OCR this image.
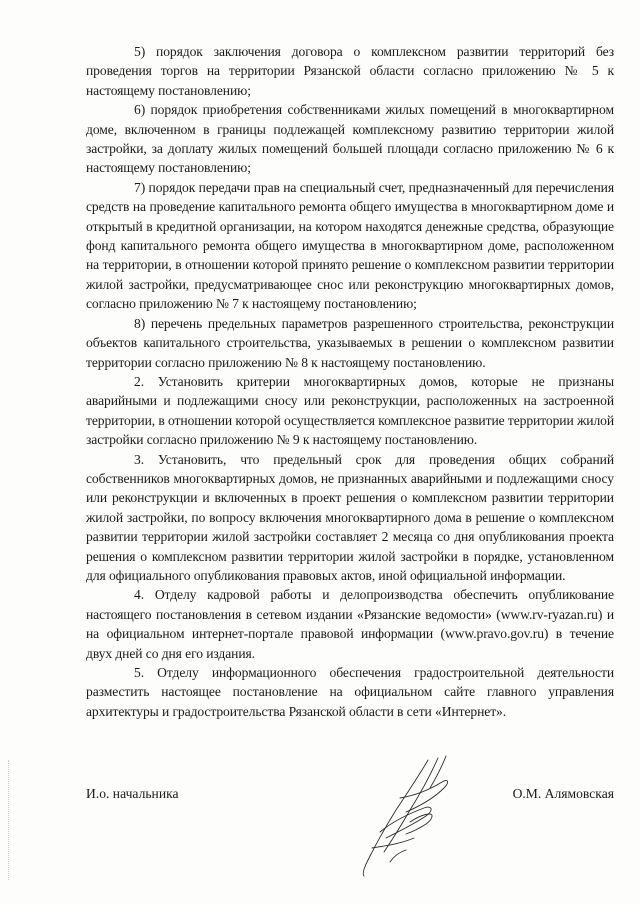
5) порядок заключения договора о комплексном развитии территорий без проведения торгов на территории Рязанской области согласно приложению № 5 к настоящему постановлению;

6) порядок приобретения собственниками жилых помещений в многоквартирном доме, включенном в границы подлежащей комплексному развитию территории жилой застройки, за доплату жилых помещений большей площади согласно приложению № 6 к настоящему постановлению;

7) порядок передачи прав на специальный счет, предназначенный для перечисления средств на проведение капитального ремонта общего имущества в многоквартирном доме и открытый в кредитной организации, на котором находятся денежные средства, образующие фонд капитального ремонта общего имущества в многоквартирном доме, расположенном на территории, в отношении которой принято решение о комплексном развитии территории жилой застройки, предусматривающее снос или реконструкцию многоквартирных домов, согласно приложению № 7 к настоящему постановлению;

8) перечень предельных параметров разрешенного строительства, реконструкции объектов капитального строительства, указываемых в решении о комплексном развитии территории согласно приложению № 8 к настоящему постановлению.

2. Установить критерии многоквартирных домов, которые не признаны аварийными и подлежащими сносу или реконструкции, расположенных на застроенной территории, в отношении которой осуществляется комплексное развитие территории жилой застройки согласно приложению № 9 к настоящему постановлению.

3. Установить, что предельный срок для проведения общих собраний собственников многоквартирных домов, не признанных аварийными и подлежащими сносу или реконструкции и включенных в проект решения о комплексном развитии территории жилой застройки, по вопросу включения многоквартирного дома в решение о комплексном развитии территории жилой застройки составляет 2 месяца со дня опубликования проекта решения о комплексном развитии территории жилой застройки в порядке, установленном для официального опубликования правовых актов, иной официальной информации.

4. Отделу кадровой работы и делопроизводства обеспечить опубликование настоящего постановления в сетевом издании «Рязанские ведомости» (www.rv-ryazan.ru) и на официальном интернет-портале правовой информации (www.pravo.gov.ru) в течение двух дней со дня его издания.

5. Отделу информационного обеспечения градостроительной деятельности разместить настоящее постановление на официальном сайте главного управления архитектуры и градостроительства Рязанской области в сети «Интернет».

И.о. начальника	О.М. Алямовская
